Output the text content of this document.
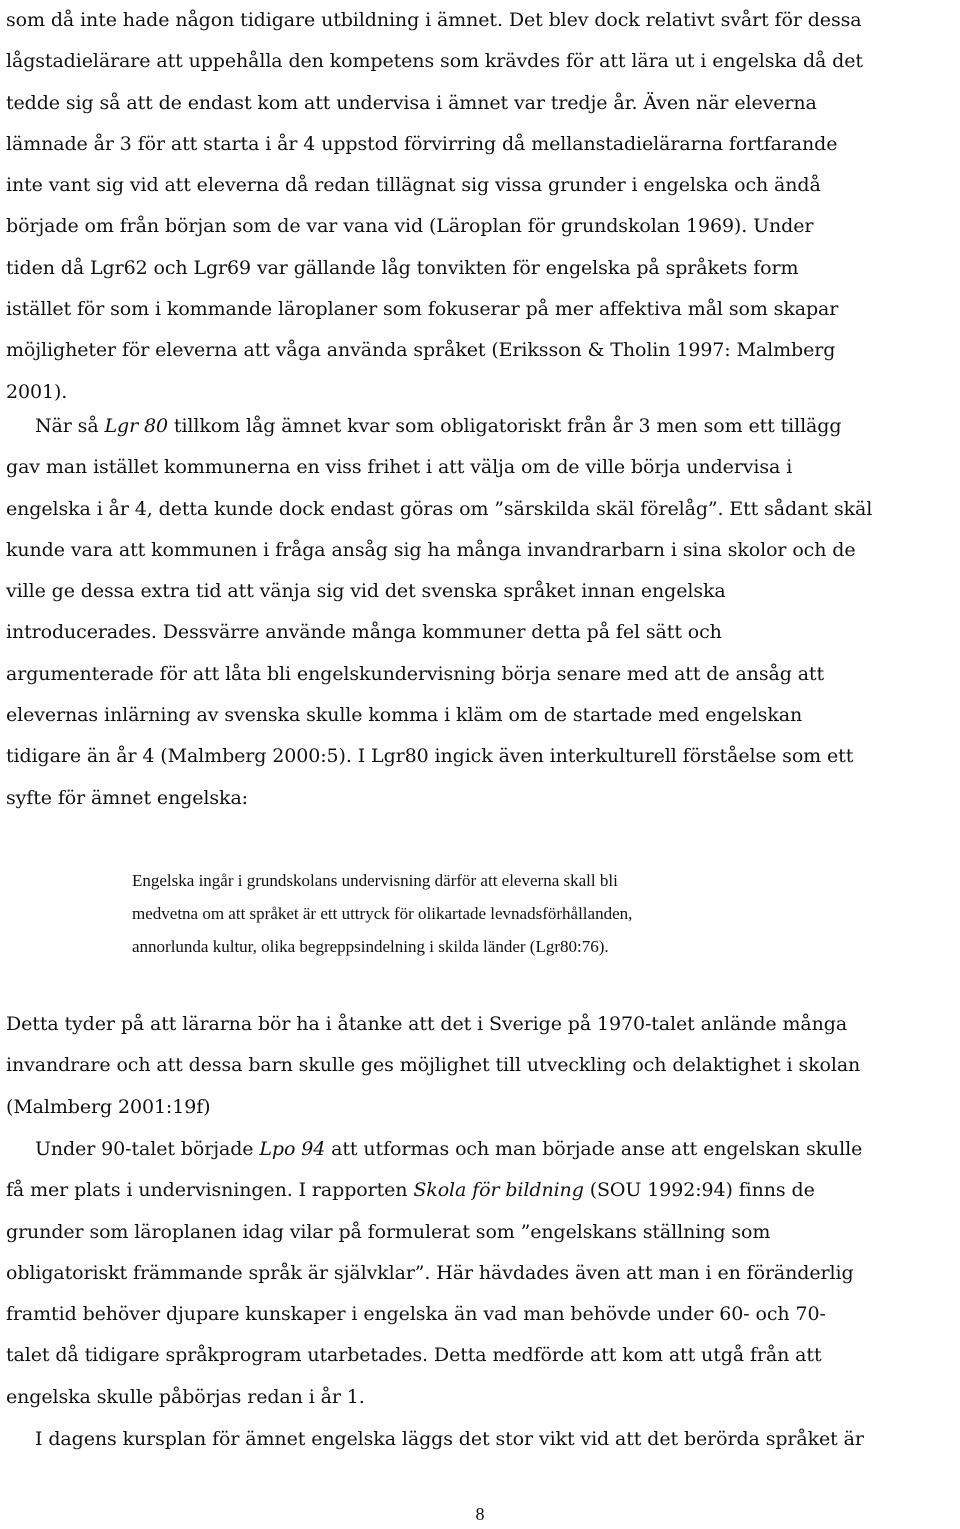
som då inte hade någon tidigare utbildning i ämnet. Det blev dock relativt svårt för dessa
lågstadielärare att uppehålla den kompetens som krävdes för att lära ut i engelska då det
tedde sig så att de endast kom att undervisa i ämnet var tredje år. Även när eleverna
lämnade år 3 för att starta i år 4 uppstod förvirring då mellanstadielärarna fortfarande
inte vant sig vid att eleverna då redan tillägnat sig vissa grunder i engelska och ändå
började om från början som de var vana vid (Läroplan för grundskolan 1969). Under
tiden då Lgr62 och Lgr69 var gällande låg tonvikten för engelska på språkets form
istället för som i kommande läroplaner som fokuserar på mer affektiva mål som skapar
möjligheter för eleverna att våga använda språket (Eriksson & Tholin 1997: Malmberg
2001).

När så Lgr 80 tillkom låg ämnet kvar som obligatoriskt från år 3 men som ett tillägg
gav man istället kommunerna en viss frihet i att välja om de ville börja undervisa i
engelska i år 4, detta kunde dock endast göras om ”särskilda skäl förelåg”. Ett sådant skäl
kunde vara att kommunen i fråga ansåg sig ha många invandrarbarn i sina skolor och de
ville ge dessa extra tid att vänja sig vid det svenska språket innan engelska
introducerades. Dessvärre använde många kommuner detta på fel sätt och
argumenterade för att låta bli engelskundervisning börja senare med att de ansåg att
elevernas inlärning av svenska skulle komma i kläm om de startade med engelskan
tidigare än år 4 (Malmberg 2000:5). I Lgr80 ingick även interkulturell förståelse som ett
syfte för ämnet engelska:

Engelska ingår i grundskolans undervisning därför att eleverna skall bli
medvetna om att språket är ett uttryck för olikartade levnadsförhållanden,
annorlunda kultur, olika begreppsindelning i skilda länder (Lgr80:76).

Detta tyder på att lärarna bör ha i åtanke att det i Sverige på 1970-talet anlände många
invandrare och att dessa barn skulle ges möjlighet till utveckling och delaktighet i skolan
(Malmberg 2001:19f)

Under 90-talet började Lpo 94 att utformas och man började anse att engelskan skulle
få mer plats i undervisningen. I rapporten Skola för bildning (SOU 1992:94) finns de
grunder som läroplanen idag vilar på formulerat som ”engelskans ställning som
obligatoriskt främmande språk är självklar”. Här hävdades även att man i en föränderlig
framtid behöver djupare kunskaper i engelska än vad man behövde under 60- och 70-
talet då tidigare språkprogram utarbetades. Detta medförde att kom att utgå från att
engelska skulle påbörjas redan i år 1.

I dagens kursplan för ämnet engelska läggs det stor vikt vid att det berörda språket är

8
